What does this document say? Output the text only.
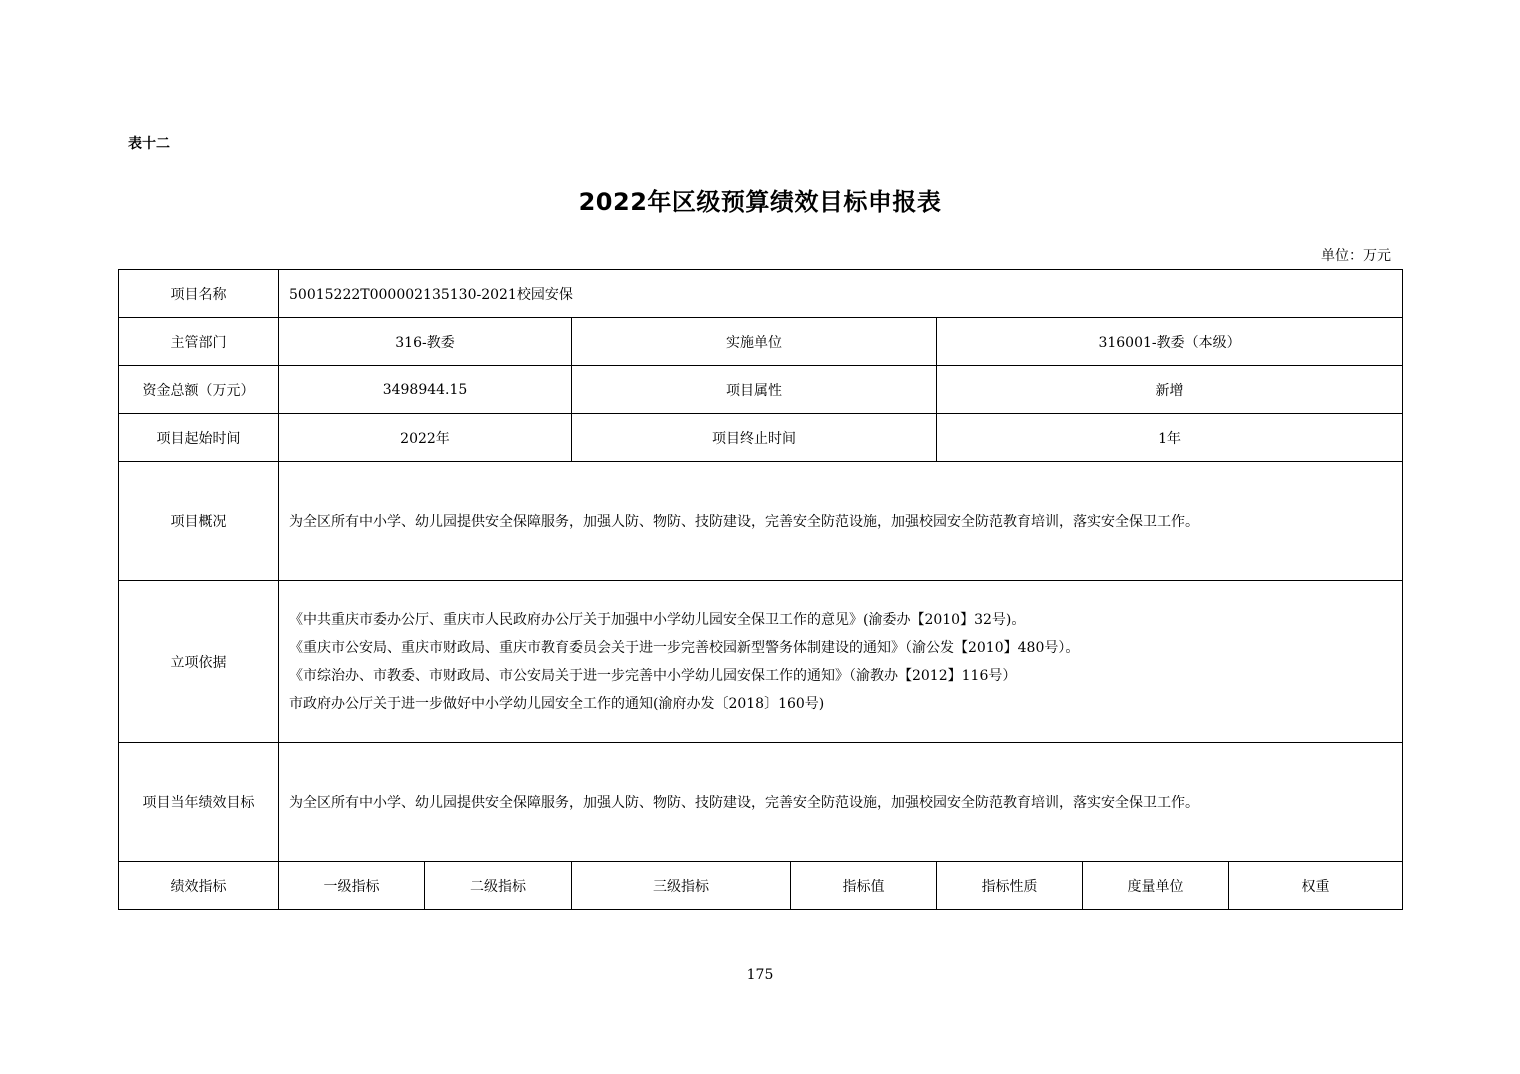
表十二
2022年区级预算绩效目标申报表
单位：万元
项目名称	50015222T000002135130-2021校园安保						
主管部门	316-教委		实施单位		316001-教委（本级）		
资金总额（万元）	3498944.15		项目属性		新增		
项目起始时间	2022年		项目终止时间		1年		
项目概况	为全区所有中小学、幼儿园提供安全保障服务，加强人防、物防、技防建设，完善安全防范设施，加强校园安全防范教育培训，落实安全保卫工作。						
立项依据	《中共重庆市委办公厅、重庆市人民政府办公厅关于加强中小学幼儿园安全保卫工作的意见》(渝委办【2010】32号)。
《重庆市公安局、重庆市财政局、重庆市教育委员会关于进一步完善校园新型警务体制建设的通知》（渝公发【2010】480号）。
《市综治办、市教委、市财政局、市公安局关于进一步完善中小学幼儿园安保工作的通知》（渝教办【2012】116号）
市政府办公厅关于进一步做好中小学幼儿园安全工作的通知(渝府办发〔2018〕160号)						

项目当年绩效目标	为全区所有中小学、幼儿园提供安全保障服务，加强人防、物防、技防建设，完善安全防范设施，加强校园安全防范教育培训，落实安全保卫工作。						
绩效指标	一级指标	二级指标	三级指标	指标值	指标性质	度量单位	权重
175
